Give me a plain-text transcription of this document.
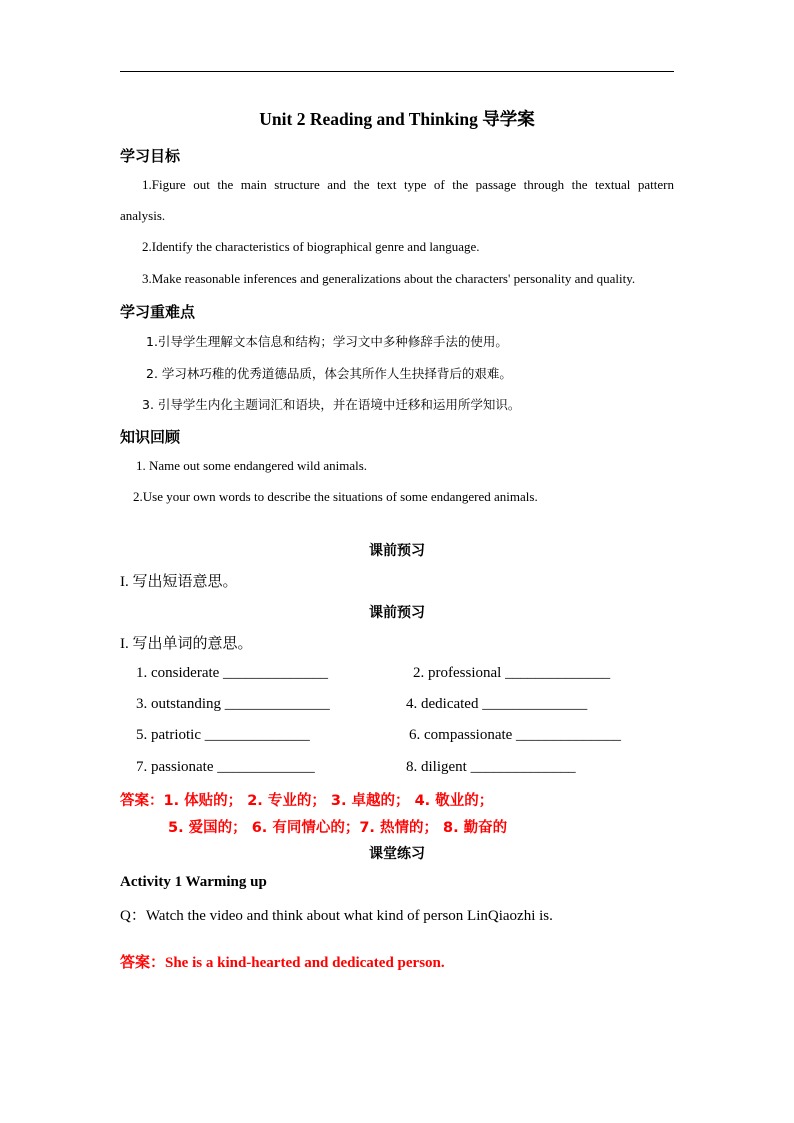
Unit 2 Reading and Thinking 导学案
学习目标
1.Figure out the main structure and the text type of the passage through the textual pattern
analysis.
2.Identify the characteristics of biographical genre and language.
3.Make reasonable inferences and generalizations about the characters' personality and quality.
学习重难点
1.引导学生理解文本信息和结构；学习文中多种修辞手法的使用。
2. 学习林巧稚的优秀道德品质，体会其所作人生抉择背后的艰难。
3. 引导学生内化主题词汇和语块，并在语境中迁移和运用所学知识。
知识回顾
1. Name out some endangered wild animals.
2.Use your own words to describe the situations of some endangered animals.
课前预习
I. 写出短语意思。
课前预习
I. 写出单词的意思。
1. considerate ______________	2. professional ______________
3. outstanding ______________	4. dedicated ______________
5. patriotic ______________	6. compassionate ______________
7. passionate _____________	8. diligent ______________
答案：1. 体贴的； 2. 专业的； 3. 卓越的； 4. 敬业的；
5. 爱国的； 6. 有同情心的；7. 热情的； 8. 勤奋的
课堂练习
Activity 1 Warming up
Q：Watch the video and think about what kind of person LinQiaozhi is.
答案：She is a kind-hearted and dedicated person.
